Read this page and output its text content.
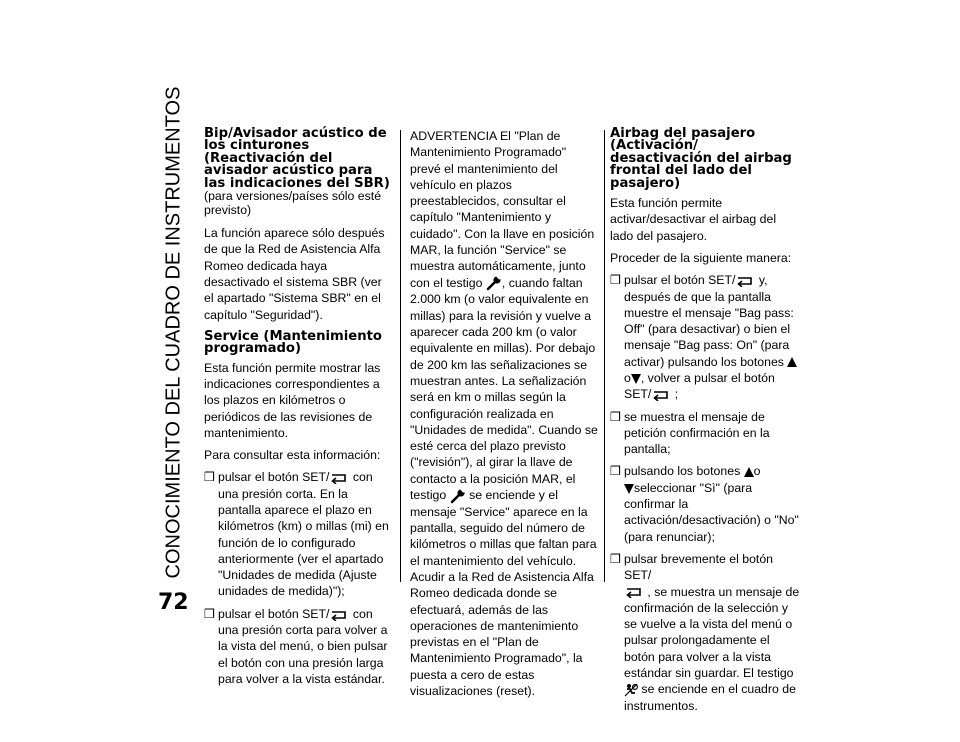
CONOCIMIENTO DEL CUADRO DE INSTRUMENTOS
72
Bip/Avisador acústico de los cinturones (Reactivación del avisador acústico para las indicaciones del SBR)

(para versiones/países sólo esté previsto)

La función aparece sólo después de que la Red de Asistencia Alfa Romeo dedicada haya desactivado el sistema SBR (ver el apartado "Sistema SBR" en el capítulo "Seguridad").

Service (Mantenimiento programado)

Esta función permite mostrar las indicaciones correspondientes a los plazos en kilómetros o periódicos de las revisiones de mantenimiento.

Para consultar esta información:

❒ pulsar el botón SET/
con una presión corta. En la pantalla aparece el plazo en kilómetros (km) o millas (mi) en función de lo configurado anteriormente (ver el apartado "Unidades de medida (Ajuste unidades de medida)");
❒ pulsar el botón SET/
con una presión corta para volver a la vista del menú, o bien pulsar el botón con una presión larga para volver a la vista estándar.

ADVERTENCIA El "Plan de Mantenimiento Programado" prevé el mantenimiento del vehículo en plazos preestablecidos, consultar el capítulo "Mantenimiento y cuidado". Con la llave en posición MAR, la función "Service" se muestra automáticamente, junto con el testigo
, cuando faltan 2.000 km (o valor equivalente en millas) para la revisión y vuelve a aparecer cada 200 km (o valor equivalente en millas). Por debajo de 200 km las señalizaciones se muestran antes. La señalización será en km o millas según la configuración realizada en "Unidades de medida". Cuando se esté cerca del plazo previsto ("revisión"), al girar la llave de contacto a la posición MAR, el testigo
se enciende y el mensaje "Service" aparece en la pantalla, seguido del número de kilómetros o millas que faltan para el mantenimiento del vehículo. Acudir a la Red de Asistencia Alfa Romeo dedicada donde se efectuará, además de las operaciones de mantenimiento previstas en el "Plan de Mantenimiento Programado", la puesta a cero de estas visualizaciones (reset).

Airbag del pasajero (Activación/ desactivación del airbag frontal del lado del pasajero)

Esta función permite activar/desactivar el airbag del lado del pasajero.

Proceder de la siguiente manera:

❒ pulsar el botón SET/
y, después de que la pantalla muestre el mensaje "Bag pass: Off" (para desactivar) o bien el mensaje "Bag pass: On" (para activar) pulsando los botones
o , volver a pulsar el botón SET/
;
❒ se muestra el mensaje de petición confirmación en la pantalla;
❒ pulsando los botones
o

seleccionar "Sì" (para confirmar la activación/desactivación) o "No" (para renunciar);
❒ pulsar brevemente el botón SET/

, se muestra un mensaje de confirmación de la selección y se vuelve a la vista del menú o pulsar prolongadamente el botón para volver a la vista estándar sin guardar. El testigo
se enciende en el cuadro de instrumentos.
